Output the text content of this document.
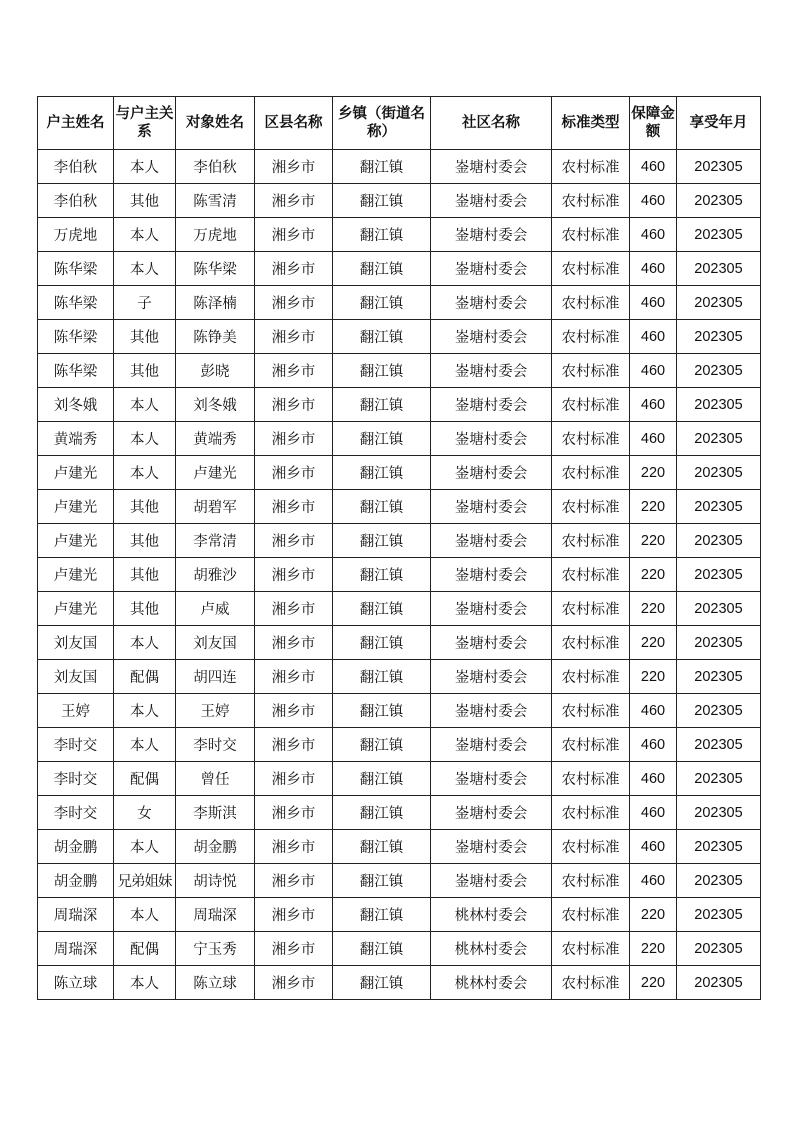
户主姓名	与户主关系	对象姓名	区县名称	乡镇（街道名称）	社区名称	标准类型	保障金额	享受年月
李伯秋	本人	李伯秋	湘乡市	翻江镇	崟塘村委会	农村标准	460	202305
李伯秋	其他	陈雪清	湘乡市	翻江镇	崟塘村委会	农村标准	460	202305
万虎地	本人	万虎地	湘乡市	翻江镇	崟塘村委会	农村标准	460	202305
陈华梁	本人	陈华梁	湘乡市	翻江镇	崟塘村委会	农村标准	460	202305
陈华梁	子	陈泽楠	湘乡市	翻江镇	崟塘村委会	农村标准	460	202305
陈华梁	其他	陈铮美	湘乡市	翻江镇	崟塘村委会	农村标准	460	202305
陈华梁	其他	彭晓	湘乡市	翻江镇	崟塘村委会	农村标准	460	202305
刘冬娥	本人	刘冬娥	湘乡市	翻江镇	崟塘村委会	农村标准	460	202305
黄端秀	本人	黄端秀	湘乡市	翻江镇	崟塘村委会	农村标准	460	202305
卢建光	本人	卢建光	湘乡市	翻江镇	崟塘村委会	农村标准	220	202305
卢建光	其他	胡碧军	湘乡市	翻江镇	崟塘村委会	农村标准	220	202305
卢建光	其他	李常清	湘乡市	翻江镇	崟塘村委会	农村标准	220	202305
卢建光	其他	胡雅沙	湘乡市	翻江镇	崟塘村委会	农村标准	220	202305
卢建光	其他	卢威	湘乡市	翻江镇	崟塘村委会	农村标准	220	202305
刘友国	本人	刘友国	湘乡市	翻江镇	崟塘村委会	农村标准	220	202305
刘友国	配偶	胡四连	湘乡市	翻江镇	崟塘村委会	农村标准	220	202305
王婷	本人	王婷	湘乡市	翻江镇	崟塘村委会	农村标准	460	202305
李时交	本人	李时交	湘乡市	翻江镇	崟塘村委会	农村标准	460	202305
李时交	配偶	曾任	湘乡市	翻江镇	崟塘村委会	农村标准	460	202305
李时交	女	李斯淇	湘乡市	翻江镇	崟塘村委会	农村标准	460	202305
胡金鹏	本人	胡金鹏	湘乡市	翻江镇	崟塘村委会	农村标准	460	202305
胡金鹏	兄弟姐妹	胡诗悦	湘乡市	翻江镇	崟塘村委会	农村标准	460	202305
周瑞深	本人	周瑞深	湘乡市	翻江镇	桃林村委会	农村标准	220	202305
周瑞深	配偶	宁玉秀	湘乡市	翻江镇	桃林村委会	农村标准	220	202305
陈立球	本人	陈立球	湘乡市	翻江镇	桃林村委会	农村标准	220	202305
